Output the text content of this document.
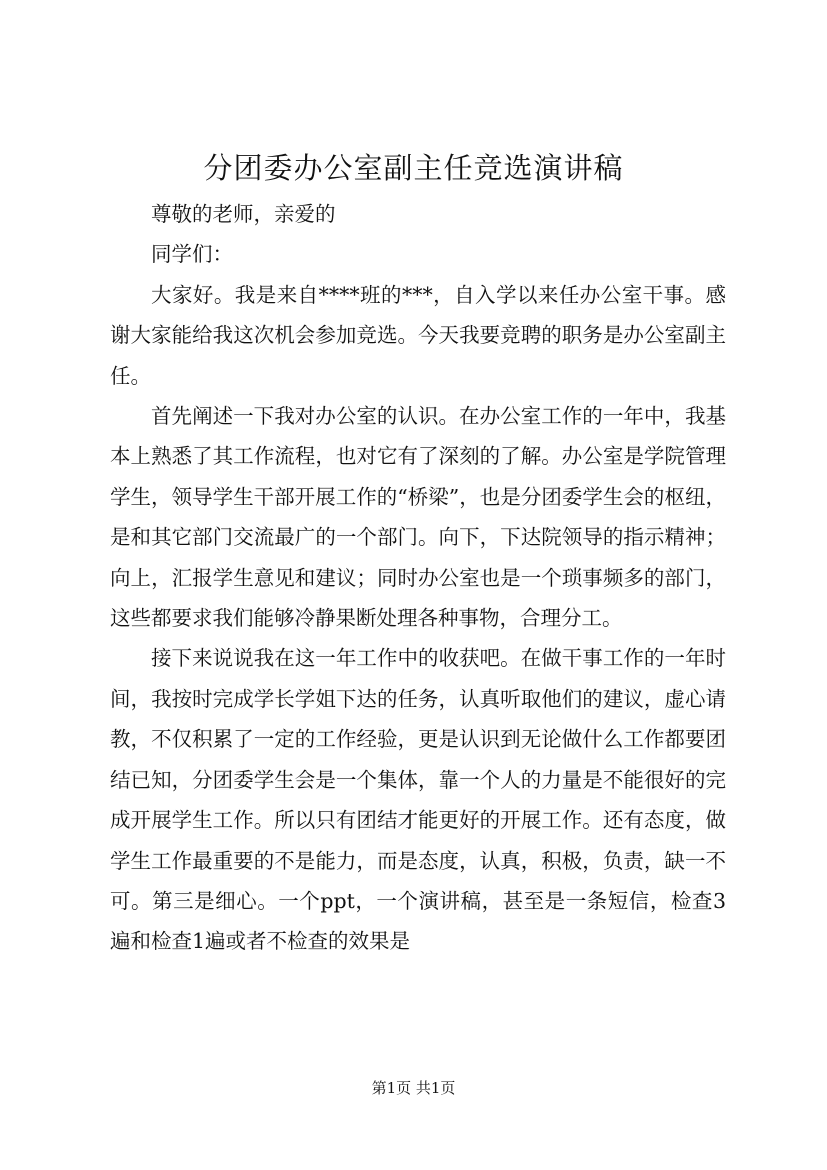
分团委办公室副主任竞选演讲稿

尊敬的老师，亲爱的

同学们：

大家好。我是来自****班的***，自入学以来任办公室干事。感谢大家能给我这次机会参加竞选。今天我要竞聘的职务是办公室副主任。

首先阐述一下我对办公室的认识。在办公室工作的一年中，我基本上熟悉了其工作流程，也对它有了深刻的了解。办公室是学院管理学生，领导学生干部开展工作的“桥梁”，也是分团委学生会的枢纽，是和其它部门交流最广的一个部门。向下，下达院领导的指示精神；向上，汇报学生意见和建议；同时办公室也是一个琐事频多的部门，这些都要求我们能够冷静果断处理各种事物，合理分工。

接下来说说我在这一年工作中的收获吧。在做干事工作的一年时间，我按时完成学长学姐下达的任务，认真听取他们的建议，虚心请教，不仅积累了一定的工作经验，更是认识到无论做什么工作都要团结已知，分团委学生会是一个集体，靠一个人的力量是不能很好的完成开展学生工作。所以只有团结才能更好的开展工作。还有态度，做学生工作最重要的不是能力，而是态度，认真，积极，负责，缺一不可。第三是细心。一个ppt，一个演讲稿，甚至是一条短信，检查3遍和检查1遍或者不检查的效果是

第1页 共1页
